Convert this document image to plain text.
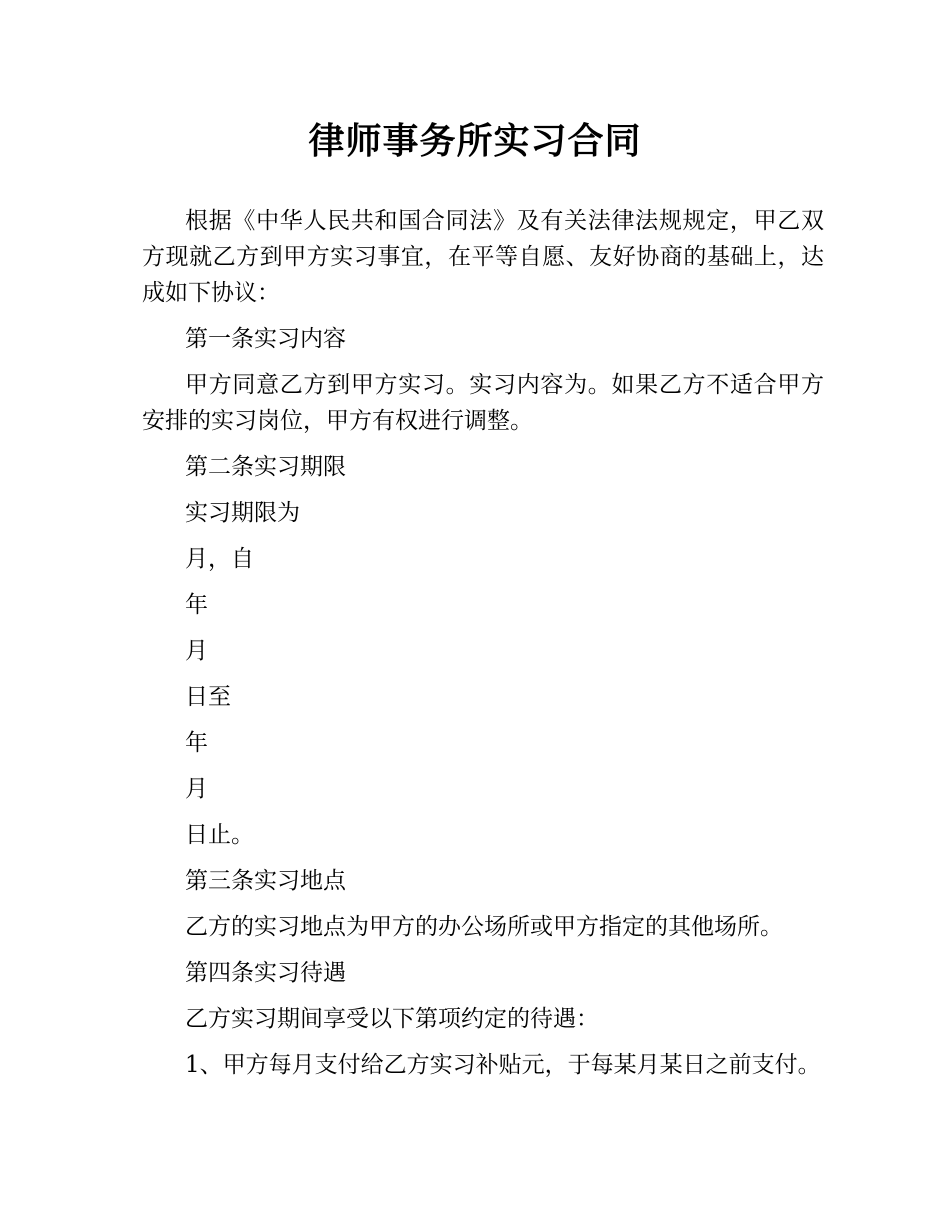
律师事务所实习合同

根据《中华人民共和国合同法》及有关法律法规规定，甲乙双方现就乙方到甲方实习事宜，在平等自愿、友好协商的基础上，达成如下协议：

第一条实习内容

甲方同意乙方到甲方实习。实习内容为。如果乙方不适合甲方安排的实习岗位，甲方有权进行调整。

第二条实习期限

实习期限为

月，自

年

月

日至

年

月

日止。

第三条实习地点

乙方的实习地点为甲方的办公场所或甲方指定的其他场所。

第四条实习待遇

乙方实习期间享受以下第项约定的待遇：

1、甲方每月支付给乙方实习补贴元，于每某月某日之前支付。
